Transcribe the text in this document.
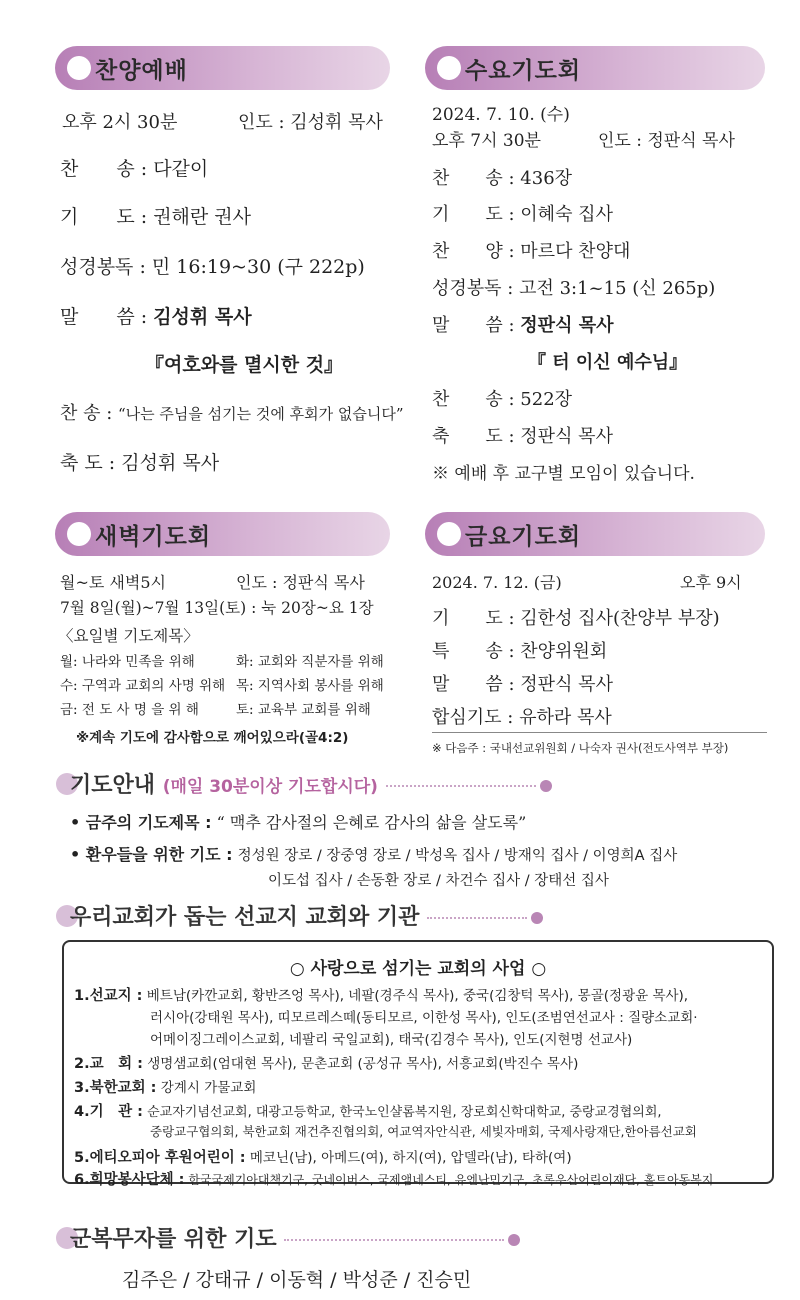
찬양예배
오후 2시 30분	인도 : 김성휘 목사
찬　　송 : 다같이
기　　도 : 권해란 권사
성경봉독 : 민 16:19~30 (구 222p)
말　　씀 : 김성휘 목사
『여호와를 멸시한 것』
찬 송 : “나는 주님을 섬기는 것에 후회가 없습니다”
축 도 : 김성휘 목사
수요기도회
2024. 7. 10. (수)
오후 7시 30분	인도 : 정판식 목사
찬　　송 : 436장
기　　도 : 이혜숙 집사
찬　　양 : 마르다 찬양대
성경봉독 : 고전 3:1~15 (신 265p)
말　　씀 : 정판식 목사
『 터 이신 예수님』
찬　　송 : 522장
축　　도 : 정판식 목사
※ 예배 후 교구별 모임이 있습니다.
새벽기도회
월~토 새벽5시	인도 : 정판식 목사
7월 8일(월)~7월 13일(토) : 눅 20장~요 1장
〈요일별 기도제목〉
월: 나라와 민족을 위해	화: 교회와 직분자를 위해
수: 구역과 교회의 사명 위해 목: 지역사회 봉사를 위해
금: 전 도 사 명 을 위 해	토: 교육부 교회를 위해
※계속 기도에 감사함으로 깨어있으라(골4:2)
금요기도회
2024. 7. 12. (금)	오후 9시
기　　도 : 김한성 집사(찬양부 부장)
특　　송 : 찬양위원회
말　　씀 : 정판식 목사
합심기도 : 유하라 목사
※ 다음주 : 국내선교위원회 / 나숙자 권사(전도사역부 부장)
기도안내 (매일 30분이상 기도합시다)
• 금주의 기도제목 : “ 맥추 감사절의 은혜로 감사의 삶을 살도록”
• 환우들을 위한 기도 : 정성원 장로 / 장중영 장로 / 박성옥 집사 / 방재익 집사 / 이영희A 집사
이도섭 집사 / 손동환 장로 / 차건수 집사 / 장태선 집사
우리교회가 돕는 선교지 교회와 기관
○ 사랑으로 섬기는 교회의 사업 ○
1.선교지 : 베트남(카깐교회, 황반즈엉 목사), 네팔(경주식 목사), 중국(김창턱 목사), 몽골(정광윤 목사),
러시아(강태원 목사), 띠모르레스떼(동티모르, 이한성 목사), 인도(조범연선교사 : 질량소교회·
어메이징그레이스교회, 네팔리 국일교회), 태국(김경수 목사), 인도(지현명 선교사)
2.교　회 : 생명샘교회(엄대현 목사), 문촌교회 (공성규 목사), 서흥교회(박진수 목사)
3.북한교회 : 강계시 가물교회
4.기　관 : 순교자기념선교회, 대광고등학교, 한국노인샬롬복지원, 장로회신학대학교, 중랑교경협의회,
중랑교구협의회, 북한교회 재건추진협의회, 여교역자안식관, 세빛자매회, 국제사랑재단,한아름선교회
5.에티오피아 후원어린이 : 메코닌(남), 아메드(여), 하지(여), 압델라(남), 타하(여)
6.희망봉사단체 : 한국국제기아대책기구, 굿네이버스, 국제앰네스티, 유엔난민기구, 초록우산어린이재단, 홀트아동복지
군복무자를 위한 기도
김주은 / 강태규 / 이동혁 / 박성준 / 진승민
